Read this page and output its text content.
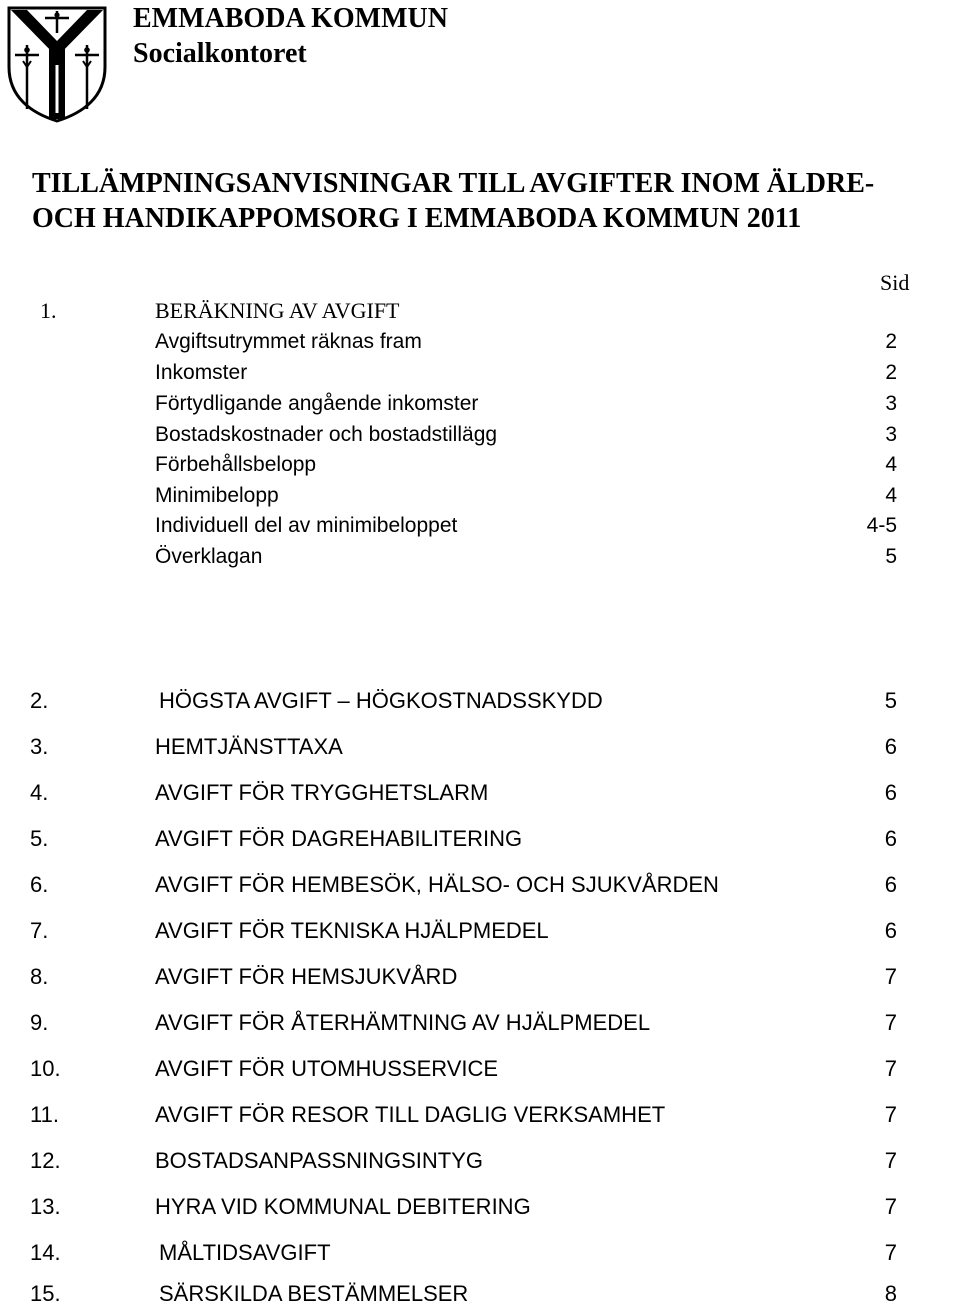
EMMABODA KOMMUN
Socialkontoret
TILLÄMPNINGSANVISNINGAR TILL AVGIFTER INOM ÄLDRE-
OCH HANDIKAPPOMSORG I EMMABODA KOMMUN 2011
Sid
1.	BERÄKNING AV AVGIFT
Avgiftsutrymmet räknas fram	2
Inkomster	2
Förtydligande angående inkomster	3
Bostadskostnader och bostadstillägg	3
Förbehållsbelopp	4
Minimibelopp	4
Individuell del av minimibeloppet	4-5
Överklagan	5
2.	HÖGSTA AVGIFT – HÖGKOSTNADSSKYDD	5
3.	HEMTJÄNSTTAXA	6
4.	AVGIFT FÖR TRYGGHETSLARM	6
5.	AVGIFT FÖR DAGREHABILITERING	6
6.	AVGIFT FÖR HEMBESÖK, HÄLSO- OCH SJUKVÅRDEN	6
7.	AVGIFT FÖR TEKNISKA HJÄLPMEDEL	6
8.	AVGIFT FÖR HEMSJUKVÅRD	7
9.	AVGIFT FÖR ÅTERHÄMTNING AV HJÄLPMEDEL	7
10.	AVGIFT FÖR UTOMHUSSERVICE	7
11.	AVGIFT FÖR RESOR TILL DAGLIG VERKSAMHET	7
12.	BOSTADSANPASSNINGSINTYG	7
13.	HYRA VID KOMMUNAL DEBITERING	7
14.	MÅLTIDSAVGIFT	7
15.	SÄRSKILDA BESTÄMMELSER	8
